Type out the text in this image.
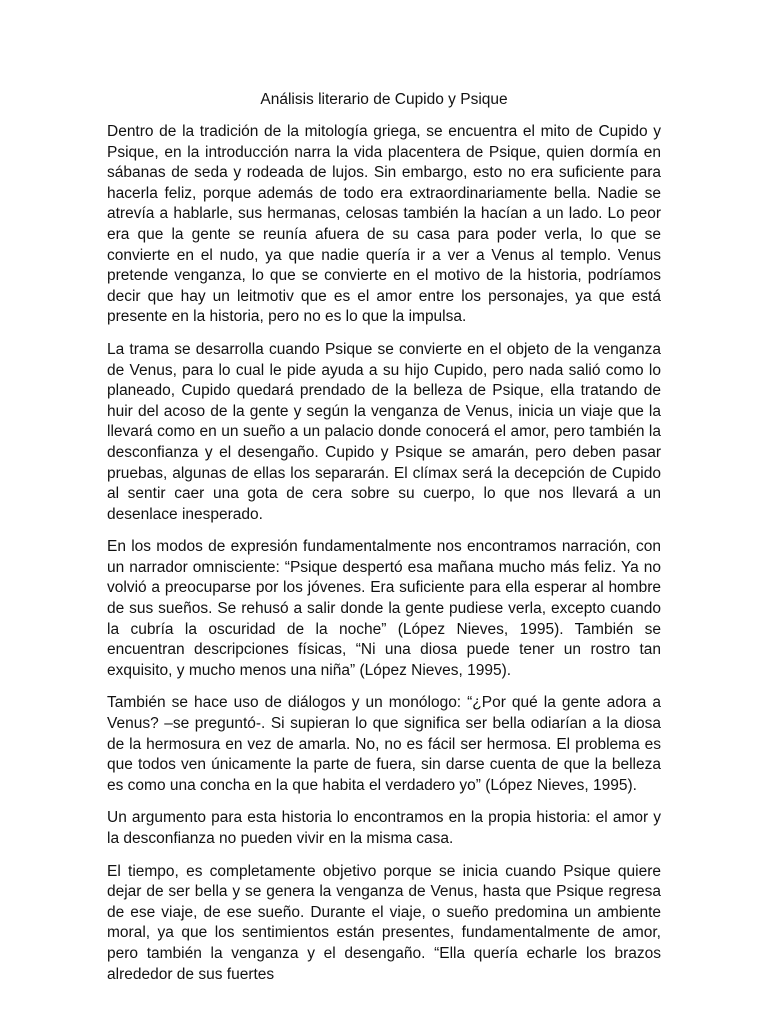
Análisis literario de Cupido y Psique

Dentro de la tradición de la mitología griega, se encuentra el mito de Cupido y Psique, en la introducción narra la vida placentera de Psique, quien dormía en sábanas de seda y rodeada de lujos. Sin embargo, esto no era suficiente para hacerla feliz, porque además de todo era extraordinariamente bella. Nadie se atrevía a hablarle, sus hermanas, celosas también la hacían a un lado. Lo peor era que la gente se reunía afuera de su casa para poder verla, lo que se convierte en el nudo, ya que nadie quería ir a ver a Venus al templo. Venus pretende venganza, lo que se convierte en el motivo de la historia, podríamos decir que hay un leitmotiv que es el amor entre los personajes, ya que está presente en la historia, pero no es lo que la impulsa.

La trama se desarrolla cuando Psique se convierte en el objeto de la venganza de Venus, para lo cual le pide ayuda a su hijo Cupido, pero nada salió como lo planeado, Cupido quedará prendado de la belleza de Psique, ella tratando de huir del acoso de la gente y según la venganza de Venus, inicia un viaje que la llevará como en un sueño a un palacio donde conocerá el amor, pero también la desconfianza y el desengaño. Cupido y Psique se amarán, pero deben pasar pruebas, algunas de ellas los separarán. El clímax será la decepción de Cupido al sentir caer una gota de cera sobre su cuerpo, lo que nos llevará a un desenlace inesperado.

En los modos de expresión fundamentalmente nos encontramos narración, con un narrador omnisciente: “Psique despertó esa mañana mucho más feliz. Ya no volvió a preocuparse por los jóvenes. Era suficiente para ella esperar al hombre de sus sueños. Se rehusó a salir donde la gente pudiese verla, excepto cuando la cubría la oscuridad de la noche” (López Nieves, 1995). También se encuentran descripciones físicas, “Ni una diosa puede tener un rostro tan exquisito, y mucho menos una niña” (López Nieves, 1995).

También se hace uso de diálogos y un monólogo: “¿Por qué la gente adora a Venus? –se preguntó-. Si supieran lo que significa ser bella odiarían a la diosa de la hermosura en vez de amarla. No, no es fácil ser hermosa. El problema es que todos ven únicamente la parte de fuera, sin darse cuenta de que la belleza es como una concha en la que habita el verdadero yo” (López Nieves, 1995).

Un argumento para esta historia lo encontramos en la propia historia: el amor y la desconfianza no pueden vivir en la misma casa.

El tiempo, es completamente objetivo porque se inicia cuando Psique quiere dejar de ser bella y se genera la venganza de Venus, hasta que Psique regresa de ese viaje, de ese sueño. Durante el viaje, o sueño predomina un ambiente moral, ya que los sentimientos están presentes, fundamentalmente de amor, pero también la venganza y el desengaño. “Ella quería echarle los brazos alrededor de sus fuertes
